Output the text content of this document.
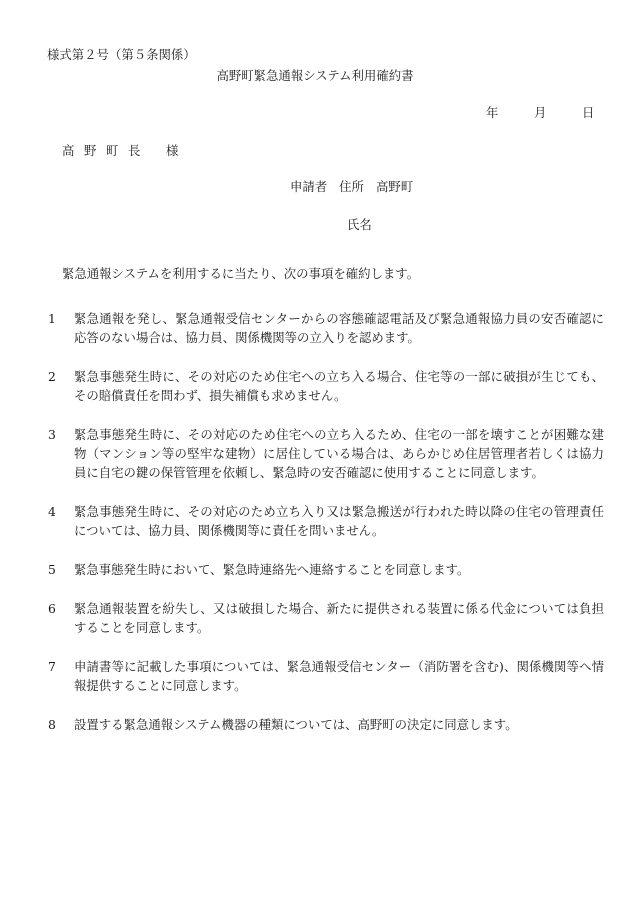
様式第２号（第５条関係）
高野町緊急通報システム利用確約書
年	月	日
高 野 町 長 様
申請者 住所 高野町
氏名
緊急通報システムを利用するに当たり、次の事項を確約します。
1 緊急通報を発し、緊急通報受信センターからの容態確認電話及び緊急通報協力員の安否確認に応答のない場合は、協力員、関係機関等の立入りを認めます。
2 緊急事態発生時に、その対応のため住宅への立ち入る場合、住宅等の一部に破損が生じても、その賠償責任を問わず、損失補償も求めません。
3 緊急事態発生時に、その対応のため住宅への立ち入るため、住宅の一部を壊すことが困難な建物（マンション等の堅牢な建物）に居住している場合は、あらかじめ住居管理者若しくは協力員に自宅の鍵の保管管理を依頼し、緊急時の安否確認に使用することに同意します。
4 緊急事態発生時に、その対応のため立ち入り又は緊急搬送が行われた時以降の住宅の管理責任については、協力員、関係機関等に責任を問いません。
5 緊急事態発生時において、緊急時連絡先へ連絡することを同意します。
6 緊急通報装置を紛失し、又は破損した場合、新たに提供される装置に係る代金については負担することを同意します。
7 申請書等に記載した事項については、緊急通報受信センター（消防署を含む)、関係機関等へ情報提供することに同意します。
8 設置する緊急通報システム機器の種類については、高野町の決定に同意します。
